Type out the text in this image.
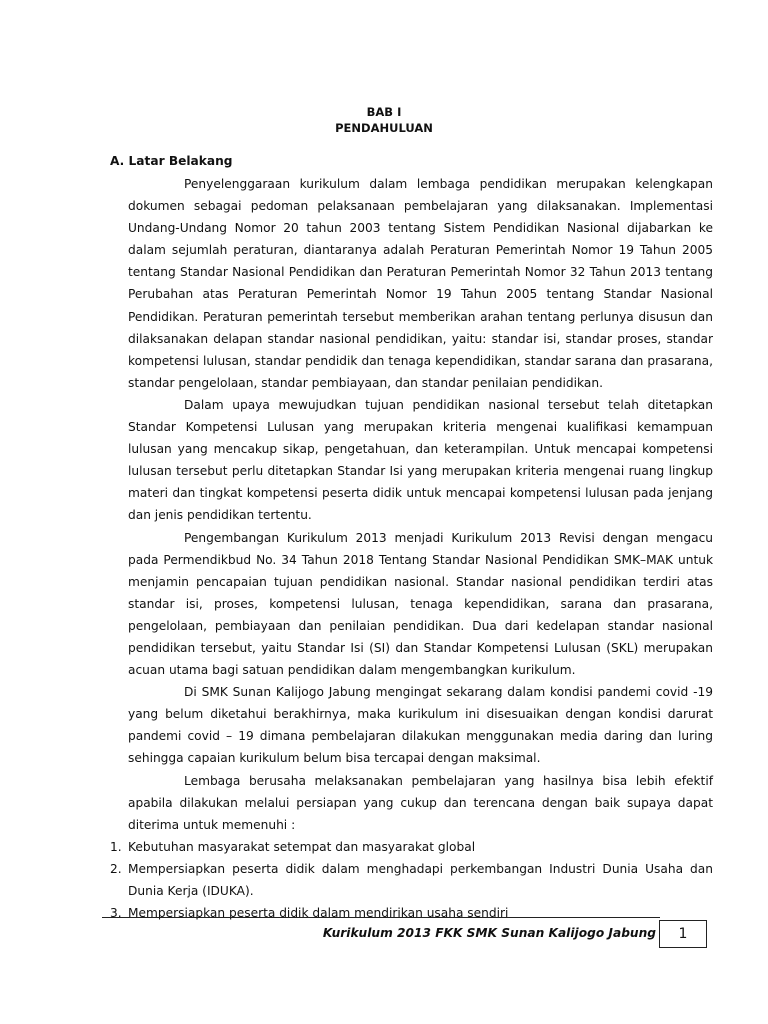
BAB I
PENDAHULUAN
A. Latar Belakang

Penyelenggaraan kurikulum dalam lembaga pendidikan merupakan kelengkapan dokumen sebagai pedoman pelaksanaan pembelajaran yang dilaksanakan. Implementasi Undang-Undang Nomor 20 tahun 2003 tentang Sistem Pendidikan Nasional dijabarkan ke dalam sejumlah peraturan, diantaranya adalah Peraturan Pemerintah Nomor 19 Tahun 2005 tentang Standar Nasional Pendidikan dan Peraturan Pemerintah Nomor 32 Tahun 2013 tentang Perubahan atas Peraturan Pemerintah Nomor 19 Tahun 2005 tentang Standar Nasional Pendidikan. Peraturan pemerintah tersebut memberikan arahan tentang perlunya disusun dan dilaksanakan delapan standar nasional pendidikan, yaitu: standar isi, standar proses, standar kompetensi lulusan, standar pendidik dan tenaga kependidikan, standar sarana dan prasarana, standar pengelolaan, standar pembiayaan, dan standar penilaian pendidikan.

Dalam upaya mewujudkan tujuan pendidikan nasional tersebut telah ditetapkan Standar Kompetensi Lulusan yang merupakan kriteria mengenai kualifikasi kemampuan lulusan yang mencakup sikap, pengetahuan, dan keterampilan. Untuk mencapai kompetensi lulusan tersebut perlu ditetapkan Standar Isi yang merupakan kriteria mengenai ruang lingkup materi dan tingkat kompetensi peserta didik untuk mencapai kompetensi lulusan pada jenjang dan jenis pendidikan tertentu.

Pengembangan Kurikulum 2013 menjadi Kurikulum 2013 Revisi dengan mengacu pada Permendikbud No. 34 Tahun 2018 Tentang Standar Nasional Pendidikan SMK–MAK untuk menjamin pencapaian tujuan pendidikan nasional. Standar nasional pendidikan terdiri atas standar isi, proses, kompetensi lulusan, tenaga kependidikan, sarana dan prasarana, pengelolaan, pembiayaan dan penilaian pendidikan. Dua dari kedelapan standar nasional pendidikan tersebut, yaitu Standar Isi (SI) dan Standar Kompetensi Lulusan (SKL) merupakan acuan utama bagi satuan pendidikan dalam mengembangkan kurikulum.

Di SMK Sunan Kalijogo Jabung mengingat sekarang dalam kondisi pandemi covid -19 yang belum diketahui berakhirnya, maka kurikulum ini disesuaikan dengan kondisi darurat pandemi covid – 19 dimana pembelajaran dilakukan menggunakan media daring dan luring sehingga capaian kurikulum belum bisa tercapai dengan maksimal.

Lembaga berusaha melaksanakan pembelajaran yang hasilnya bisa lebih efektif apabila dilakukan melalui persiapan yang cukup dan terencana dengan baik supaya dapat diterima untuk memenuhi :

1. Kebutuhan masyarakat setempat dan masyarakat global
2. Mempersiapkan peserta didik dalam menghadapi perkembangan Industri Dunia Usaha dan Dunia Kerja (IDUKA).
3. Mempersiapkan peserta didik dalam mendirikan usaha sendiri
Kurikulum 2013 FKK SMK Sunan Kalijogo Jabung 1
